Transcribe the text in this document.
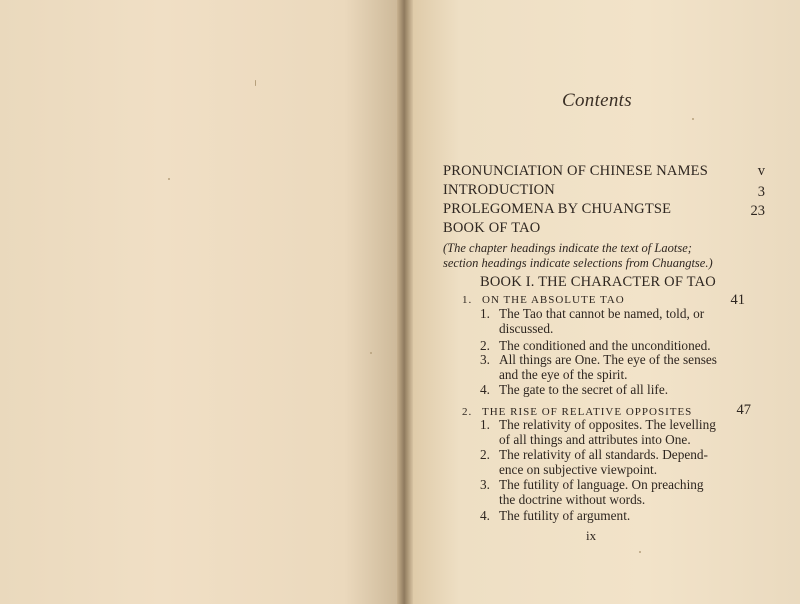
Contents
PRONUNCIATION OF CHINESE NAMES	v
INTRODUCTION	3
PROLEGOMENA BY CHUANGTSE	23
BOOK OF TAO
(The chapter headings indicate the text of Laotse;
section headings indicate selections from Chuangtse.)
BOOK I. THE CHARACTER OF TAO
1. ON THE ABSOLUTE TAO	41
1. The Tao that cannot be named, told, or
discussed.
2. The conditioned and the unconditioned.
3. All things are One. The eye of the senses
and the eye of the spirit.
4. The gate to the secret of all life.
2. THE RISE OF RELATIVE OPPOSITES	47
1. The relativity of opposites. The levelling
of all things and attributes into One.
2. The relativity of all standards. Depend-
ence on subjective viewpoint.
3. The futility of language. On preaching
the doctrine without words.
4. The futility of argument.
ix
